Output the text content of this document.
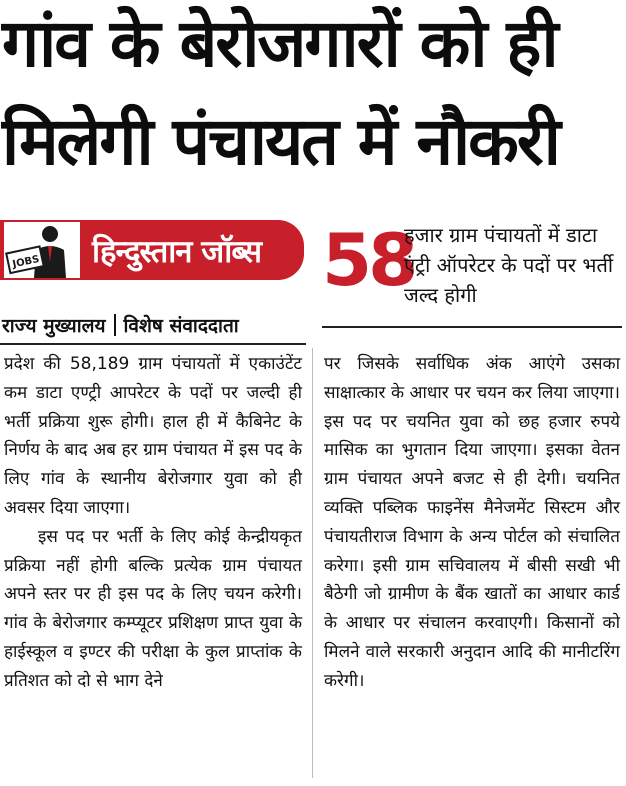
गांव के बेरोजगारों को ही
मिलेगी पंचायत में नौकरी
JOBS हिन्दुस्तान जॉब्स
राज्य मुख्यालय विशेष संवाददाता
58
हजार ग्राम पंचायतों में डाटा एंट्री ऑपरेटर के पदों पर भर्ती जल्द होगी

प्रदेश की 58,189 ग्राम पंचायतों में एकाउंटेंट कम डाटा एण्ट्री आपरेटर के पदों पर जल्दी ही भर्ती प्रक्रिया शुरू होगी। हाल ही में कैबिनेट के निर्णय के बाद अब हर ग्राम पंचायत में इस पद के लिए गांव के स्थानीय बेरोजगार युवा को ही अवसर दिया जाएगा।

इस पद पर भर्ती के लिए कोई केन्द्रीयकृत प्रक्रिया नहीं होगी बल्कि प्रत्येक ग्राम पंचायत अपने स्तर पर ही इस पद के लिए चयन करेगी। गांव के बेरोजगार कम्प्यूटर प्रशिक्षण प्राप्त युवा के हाईस्कूल व इण्टर की परीक्षा के कुल प्राप्तांक के प्रतिशत को दो से भाग देने

पर जिसके सर्वाधिक अंक आएंगे उसका साक्षात्कार के आधार पर चयन कर लिया जाएगा। इस पद पर चयनित युवा को छह हजार रुपये मासिक का भुगतान दिया जाएगा। इसका वेतन ग्राम पंचायत अपने बजट से ही देगी। चयनित व्यक्ति पब्लिक फाइनेंस मैनेजमेंट सिस्टम और पंचायतीराज विभाग के अन्य पोर्टल को संचालित करेगा। इसी ग्राम सचिवालय में बीसी सखी भी बैठेगी जो ग्रामीण के बैंक खातों का आधार कार्ड के आधार पर संचालन करवाएगी। किसानों को मिलने वाले सरकारी अनुदान आदि की मानीटरिंग करेगी।
